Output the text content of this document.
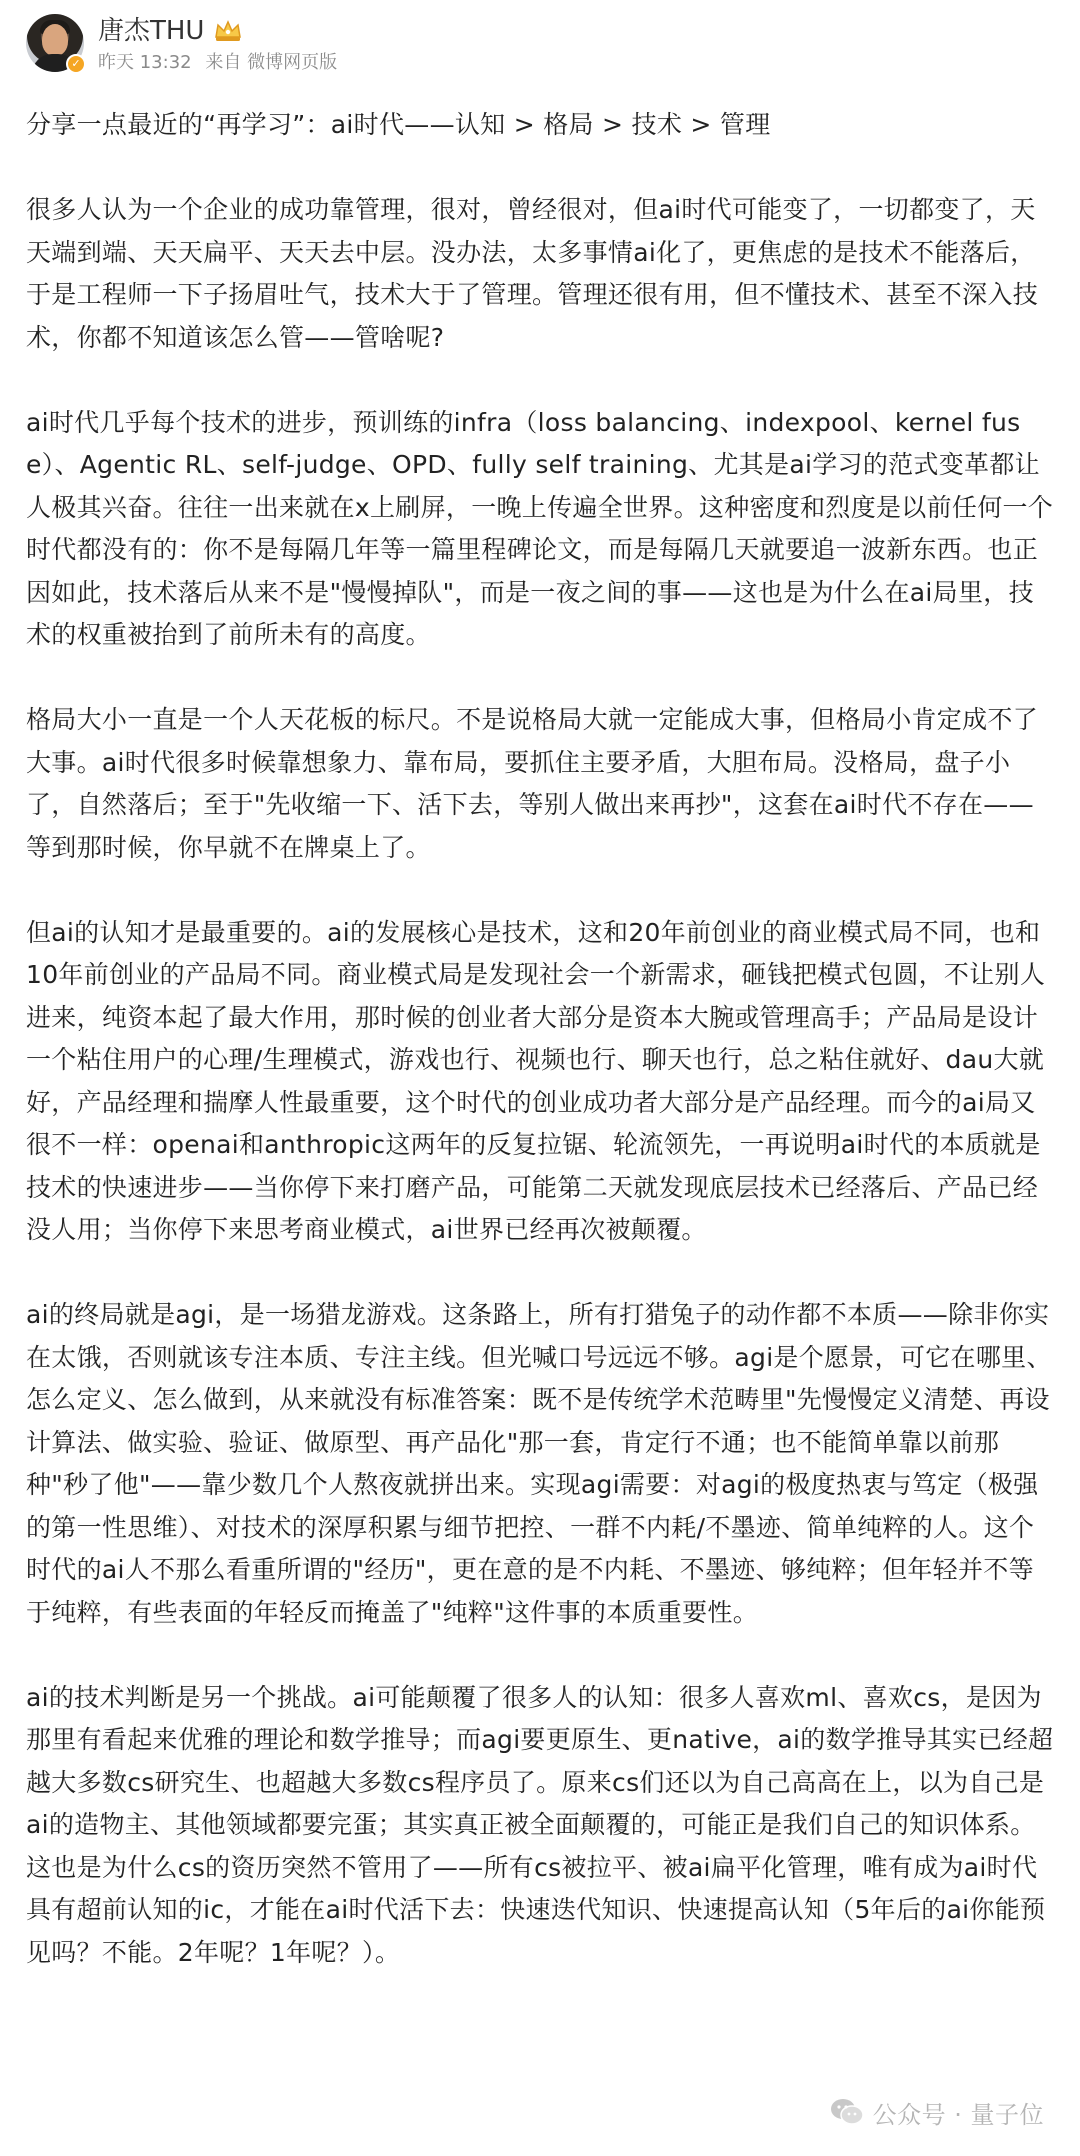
✓
唐杰THU
昨天 13:32 来自 微博网页版

分享一点最近的“再学习”：ai时代——认知 > 格局 > 技术 > 管理

很多人认为一个企业的成功靠管理，很对，曾经很对，但ai时代可能变了，一切都变了，天天端到端、天天扁平、天天去中层。没办法，太多事情ai化了，更焦虑的是技术不能落后，于是工程师一下子扬眉吐气，技术大于了管理。管理还很有用，但不懂技术、甚至不深入技术，你都不知道该怎么管——管啥呢?

ai时代几乎每个技术的进步，预训练的infra（loss balancing、indexpool、kernel fuse）、Agentic RL、self-judge、OPD、fully self training、尤其是ai学习的范式变革都让人极其兴奋。往往一出来就在x上刷屏，一晚上传遍全世界。这种密度和烈度是以前任何一个时代都没有的：你不是每隔几年等一篇里程碑论文，而是每隔几天就要追一波新东西。也正因如此，技术落后从来不是"慢慢掉队"，而是一夜之间的事——这也是为什么在ai局里，技术的权重被抬到了前所未有的高度。

格局大小一直是一个人天花板的标尺。不是说格局大就一定能成大事，但格局小肯定成不了大事。ai时代很多时候靠想象力、靠布局，要抓住主要矛盾，大胆布局。没格局，盘子小了，自然落后；至于"先收缩一下、活下去，等别人做出来再抄"，这套在ai时代不存在——等到那时候，你早就不在牌桌上了。

但ai的认知才是最重要的。ai的发展核心是技术，这和20年前创业的商业模式局不同，也和10年前创业的产品局不同。商业模式局是发现社会一个新需求，砸钱把模式包圆，不让别人进来，纯资本起了最大作用，那时候的创业者大部分是资本大腕或管理高手；产品局是设计一个粘住用户的心理/生理模式，游戏也行、视频也行、聊天也行，总之粘住就好、dau大就好，产品经理和揣摩人性最重要，这个时代的创业成功者大部分是产品经理。而今的ai局又很不一样：openai和anthropic这两年的反复拉锯、轮流领先，一再说明ai时代的本质就是技术的快速进步——当你停下来打磨产品，可能第二天就发现底层技术已经落后、产品已经没人用；当你停下来思考商业模式，ai世界已经再次被颠覆。

ai的终局就是agi，是一场猎龙游戏。这条路上，所有打猎兔子的动作都不本质——除非你实在太饿，否则就该专注本质、专注主线。但光喊口号远远不够。agi是个愿景，可它在哪里、怎么定义、怎么做到，从来就没有标准答案：既不是传统学术范畴里"先慢慢定义清楚、再设计算法、做实验、验证、做原型、再产品化"那一套，肯定行不通；也不能简单靠以前那种"秒了他"——靠少数几个人熬夜就拼出来。实现agi需要：对agi的极度热衷与笃定（极强的第一性思维）、对技术的深厚积累与细节把控、一群不内耗/不墨迹、简单纯粹的人。这个时代的ai人不那么看重所谓的"经历"，更在意的是不内耗、不墨迹、够纯粹；但年轻并不等于纯粹，有些表面的年轻反而掩盖了"纯粹"这件事的本质重要性。

ai的技术判断是另一个挑战。ai可能颠覆了很多人的认知：很多人喜欢ml、喜欢cs，是因为那里有看起来优雅的理论和数学推导；而agi要更原生、更native，ai的数学推导其实已经超越大多数cs研究生、也超越大多数cs程序员了。原来cs们还以为自己高高在上，以为自己是ai的造物主、其他领域都要完蛋；其实真正被全面颠覆的，可能正是我们自己的知识体系。这也是为什么cs的资历突然不管用了——所有cs被拉平、被ai扁平化管理，唯有成为ai时代具有超前认知的ic，才能在ai时代活下去：快速迭代知识、快速提高认知（5年后的ai你能预见吗？不能。2年呢？1年呢？）。

公众号 · 量子位
